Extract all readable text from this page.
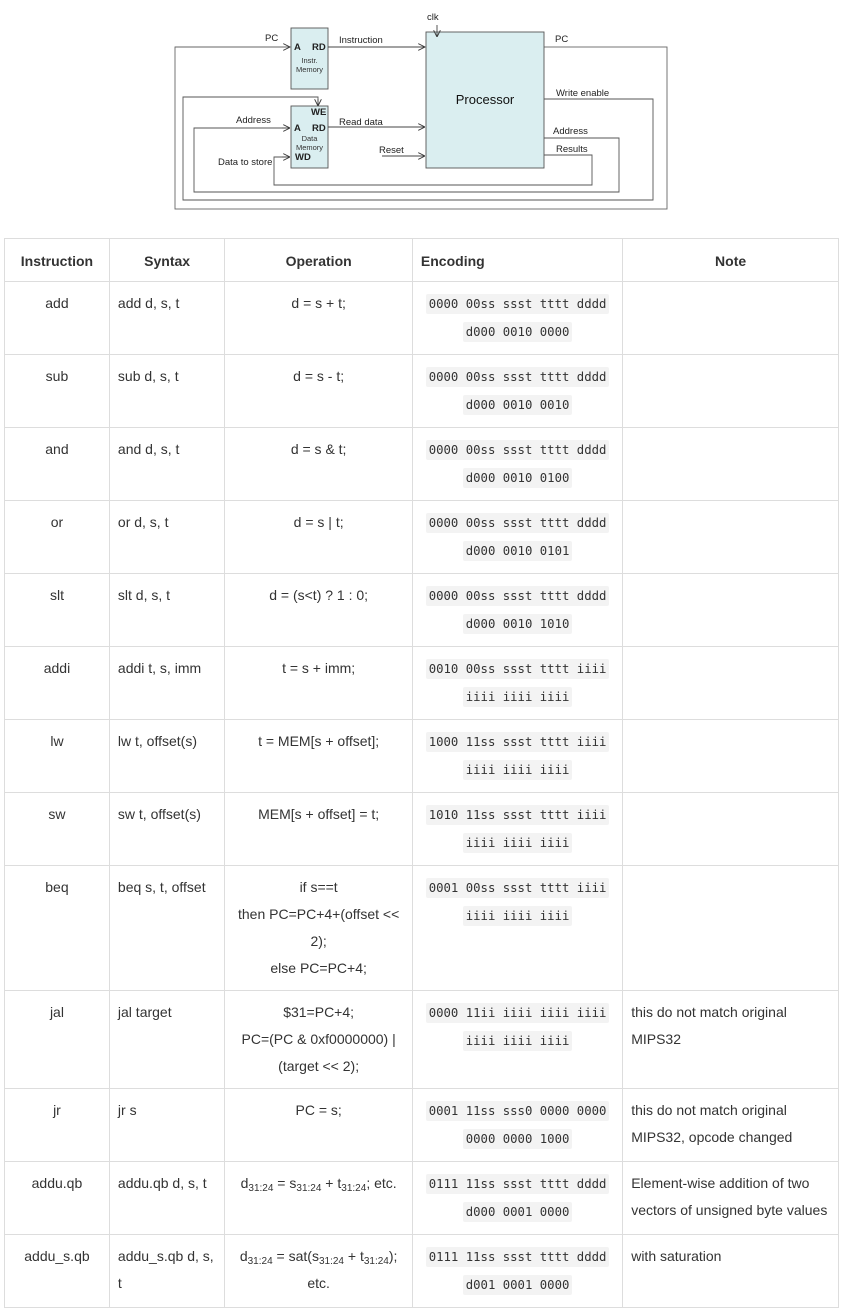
clk
PC	PC
Instruction
A RD
Instr.
Memory
WE
A RD
Data
Memory
WD
Processor
Address	Read data
Reset
Data to store
Write enable
Address
Results
Instruction	Syntax	Operation	Encoding	Note
add	add d, s, t	d = s + t;	0000 00ss ssst tttt dddd d000 0010 0000	
sub	sub d, s, t	d = s - t;	0000 00ss ssst tttt dddd d000 0010 0010	
and	and d, s, t	d = s & t;	0000 00ss ssst tttt dddd d000 0010 0100	
or	or d, s, t	d = s | t;	0000 00ss ssst tttt dddd d000 0010 0101	
slt	slt d, s, t	d = (s<t) ? 1 : 0;	0000 00ss ssst tttt dddd d000 0010 1010	
addi	addi t, s, imm	t = s + imm;	0010 00ss ssst tttt iiii iiii iiii iiii	
lw	lw t, offset(s)	t = MEM[s + offset];	1000 11ss ssst tttt iiii iiii iiii iiii	
sw	sw t, offset(s)	MEM[s + offset] = t;	1010 11ss ssst tttt iiii iiii iiii iiii	
beq	beq s, t, offset	if s==t
then PC=PC+4+(offset << 2);
else PC=PC+4;	0001 00ss ssst tttt iiii iiii iiii iiii	
jal	jal target	$31=PC+4;
PC=(PC & 0xf0000000) | (target << 2);	0000 11ii iiii iiii iiii iiii iiii iiii	this do not match original MIPS32
jr	jr s	PC = s;	0001 11ss sss0 0000 0000 0000 0000 1000	this do not match original MIPS32, opcode changed
addu.qb	addu.qb d, s, t	$d_{31:24} = s_{31:24} + t_{31:24}$; etc.	0111 11ss ssst tttt dddd d000 0001 0000	Element-wise addition of two vectors of unsigned byte values
addu_s.qb	addu_s.qb d, s, t	$d_{31:24} = sat(s_{31:24} + t_{31:24})$; etc.	0111 11ss ssst tttt dddd d001 0001 0000	with saturation
